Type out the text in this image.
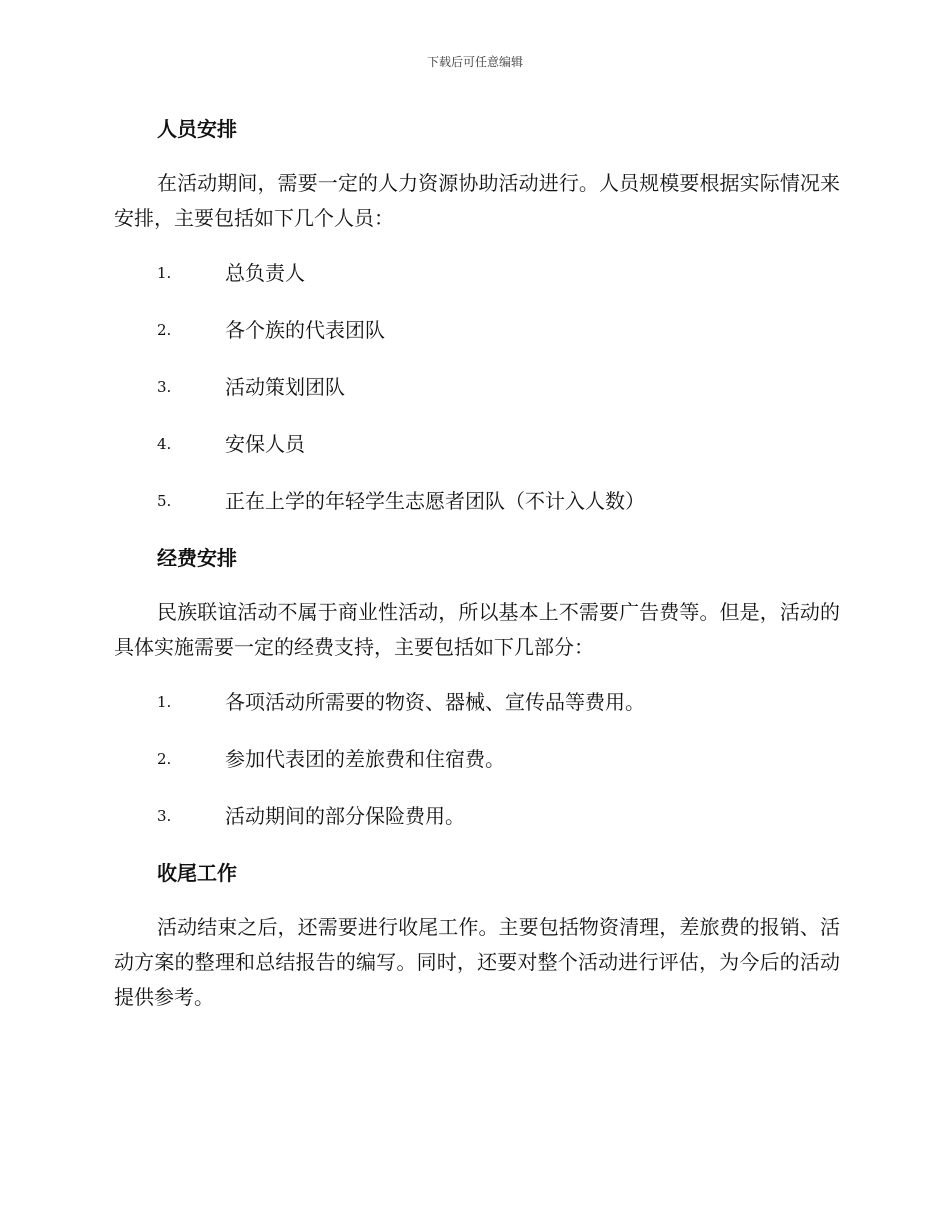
下载后可任意编辑
人员安排

在活动期间，需要一定的人力资源协助活动进行。人员规模要根据实际情况来安排，主要包括如下几个人员：

1.	总负责人
2.	各个族的代表团队
3.	活动策划团队
4.	安保人员
5.	正在上学的年轻学生志愿者团队（不计入人数）
经费安排

民族联谊活动不属于商业性活动，所以基本上不需要广告费等。但是，活动的具体实施需要一定的经费支持，主要包括如下几部分：

1.	各项活动所需要的物资、器械、宣传品等费用。
2.	参加代表团的差旅费和住宿费。
3.	活动期间的部分保险费用。
收尾工作

活动结束之后，还需要进行收尾工作。主要包括物资清理，差旅费的报销、活动方案的整理和总结报告的编写。同时，还要对整个活动进行评估，为今后的活动提供参考。
